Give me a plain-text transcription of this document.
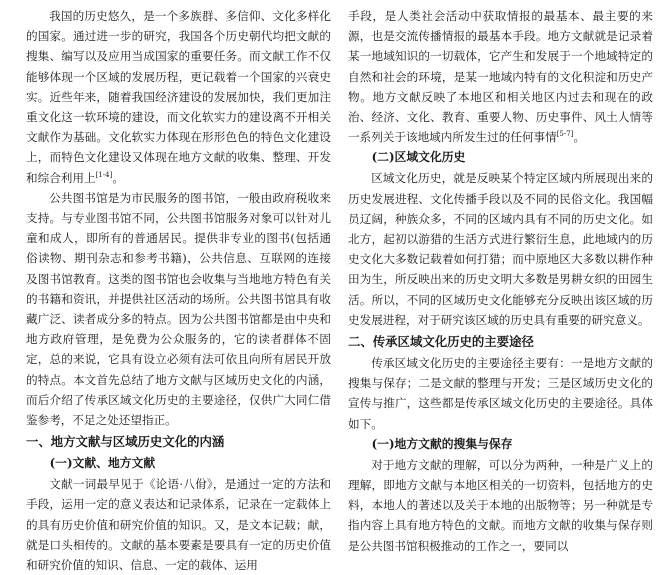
我国的历史悠久，是一个多族群、多信仰、文化多样化的国家。通过进一步的研究，我国各个历史朝代均把文献的搜集、编写以及应用当成国家的重要任务。而文献工作不仅能够体现一个区域的发展历程，更记载着一个国家的兴衰史实。近些年来，随着我国经济建设的发展加快，我们更加注重文化这一软环境的建设，而文化软实力的建设离不开相关文献作为基础。文化软实力体现在形形色色的特色文化建设上，而特色文化建设又体现在地方文献的收集、整理、开发和综合利用上[1-4]。

公共图书馆是为市民服务的图书馆，一般由政府税收来支持。与专业图书馆不同，公共图书馆服务对象可以针对儿童和成人，即所有的普通居民。提供非专业的图书(包括通俗读物、期刊杂志和参考书籍)，公共信息、互联网的连接及图书馆教育。这类的图书馆也会收集与当地地方特色有关的书籍和资讯，并提供社区活动的场所。公共图书馆具有收藏广泛、读者成分多的特点。因为公共图书馆都是由中央和地方政府管理，是免费为公众服务的，它的读者群体不固定，总的来说，它具有设立必须有法可依且向所有居民开放的特点。本文首先总结了地方文献与区域历史文化的内涵，而后介绍了传承区域文化历史的主要途径，仅供广大同仁借鉴参考，不足之处还望指正。

一、地方文献与区域历史文化的内涵
(一)文献、地方文献

文献一词最早见于《论语·八佾》，是通过一定的方法和手段，运用一定的意义表达和记录体系，记录在一定载体上的具有历史价值和研究价值的知识。又，是文本记载；献，就是口头相传的。文献的基本要素是要具有一定的历史价值和研究价值的知识、信息、一定的载体、运用

手段，是人类社会活动中获取情报的最基本、最主要的来源，也是交流传播情报的最基本手段。地方文献就是记录着某一地域知识的一切载体，它产生和发展于一个地域特定的自然和社会的环境，是某一地域内特有的文化积淀和历史产物。地方文献反映了本地区和相关地区内过去和现在的政治、经济、文化、教育、重要人物、历史事件、风土人情等一系列关于该地域内所发生过的任何事情[5-7]。

(二)区域文化历史

区域文化历史，就是反映某个特定区域内所展现出来的历史发展进程、文化传播手段以及不同的民俗文化。我国幅员辽阔，种族众多，不同的区域内具有不同的历史文化。如北方，起初以游猎的生活方式进行繁衍生息，此地域内的历史文化大多数记载着如何打猎；而中原地区大多数以耕作种田为生，所反映出来的历史文明大多数是男耕女织的田园生活。所以，不同的区域历史文化能够充分反映出该区域的历史发展进程，对于研究该区域的历史具有重要的研究意义。

二、传承区域文化历史的主要途径

传承区域文化历史的主要途径主要有：一是地方文献的搜集与保存；二是文献的整理与开发；三是区域历史文化的宣传与推广，这些都是传承区域文化历史的主要途径。具体如下。

(一)地方文献的搜集与保存

对于地方文献的理解，可以分为两种，一种是广义上的理解，即地方文献与本地区相关的一切资料，包括地方的史料，本地人的著述以及关于本地的出版物等；另一种就是专指内容上具有地方特色的文献。而地方文献的收集与保存则是公共图书馆积极推动的工作之一，要同以
